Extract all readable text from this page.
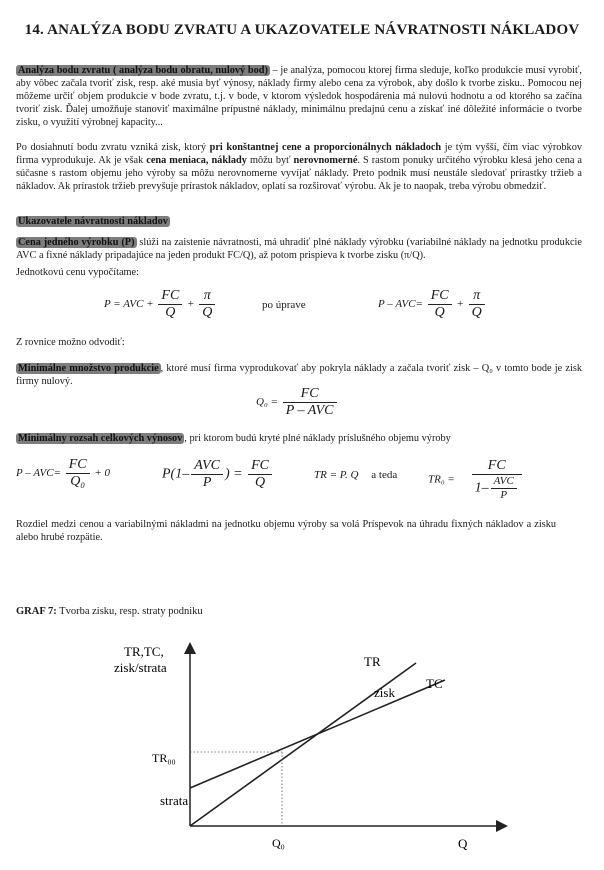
14. ANALÝZA BODU ZVRATU A UKAZOVATELE NÁVRATNOSTI NÁKLADOV
Analýza bodu zvratu ( analýza bodu obratu, nulový bod) – je analýza, pomocou ktorej firma sleduje, koľko produkcie musí vyrobiť, aby vôbec začala tvoriť zisk, resp. aké musia byť výnosy, náklady firmy alebo cena za výrobok, aby došlo k tvorbe zisku.. Pomocou nej môžeme určiť objem produkcie v bode zvratu, t.j. v bode, v ktorom výsledok hospodárenia má nulovú hodnotu a od ktorého sa začína tvoriť zisk. Ďalej umožňuje stanoviť maximálne prípustné náklady, minimálnu predajnú cenu a získať iné dôležité informácie o tvorbe zisku, o využití výrobnej kapacity...
Po dosiahnutí bodu zvratu vzniká zisk, ktorý pri konštantnej cene a proporcionálnych nákladoch je tým vyšší, čím viac výrobkov firma vyprodukuje. Ak je však cena meniaca, náklady môžu byť nerovnomerné. S rastom ponuky určitého výrobku klesá jeho cena a súčasne s rastom objemu jeho výroby sa môžu nerovnomerne vyvíjať náklady. Preto podnik musí neustále sledovať prírastky tržieb a nákladov. Ak prírastok tržieb prevyšuje prírastok nákladov, oplatí sa rozširovať výrobu. Ak je to naopak, treba výrobu obmedziť.
Ukazovatele návratnosti nákladov
Cena jedného výrobku (P) slúži na zaistenie návratnosti, má uhradiť plné náklady výrobku (variabilné náklady na jednotku produkcie AVC a fixné náklady pripadajúce na jeden produkt FC/Q), až potom prispieva k tvorbe zisku (π/Q).
Jednotkovú cenu vypočítame:
P = AVC + $\frac{FC}{Q} + \frac{\pi}{Q}$	po úprave	$P - AVC= \frac{FC}{Q} + \frac{\pi}{Q}$
Z rovnice možno odvodiť:
Minimálne množstvo produkcie , ktoré musí firma vyprodukovať aby pokryla náklady a začala tvoriť zisk – Q₀ v tomto bode je zisk firmy nulový.
$Q_0 = \frac{FC}{\text{P – AVC}}$
Minimálny rozsah celkových výnosov , pri ktorom budú kryté plné náklady príslušného objemu výroby
$P - AVC= \frac{FC}{\text{Q₀}} + 0$	$P(1- \frac{\text{AVC}}{P}$ ) = $\frac{FC}{Q}$	TR = P. Q a teda	$TR_0 = \frac{FC}{1- \frac{\text{AVC}}{P}}$
Rozdiel medzi cenou a variabilnými nákladmi na jednotku objemu výroby sa volá Príspevok na úhradu fixných nákladov a zisku alebo hrubé rozpätie.
GRAF 7: Tvorba zisku, resp. straty podniku
TR,TC,
zisk/strata	TR
zisk
TC
TR₀₀
strata
Q₀	Q
